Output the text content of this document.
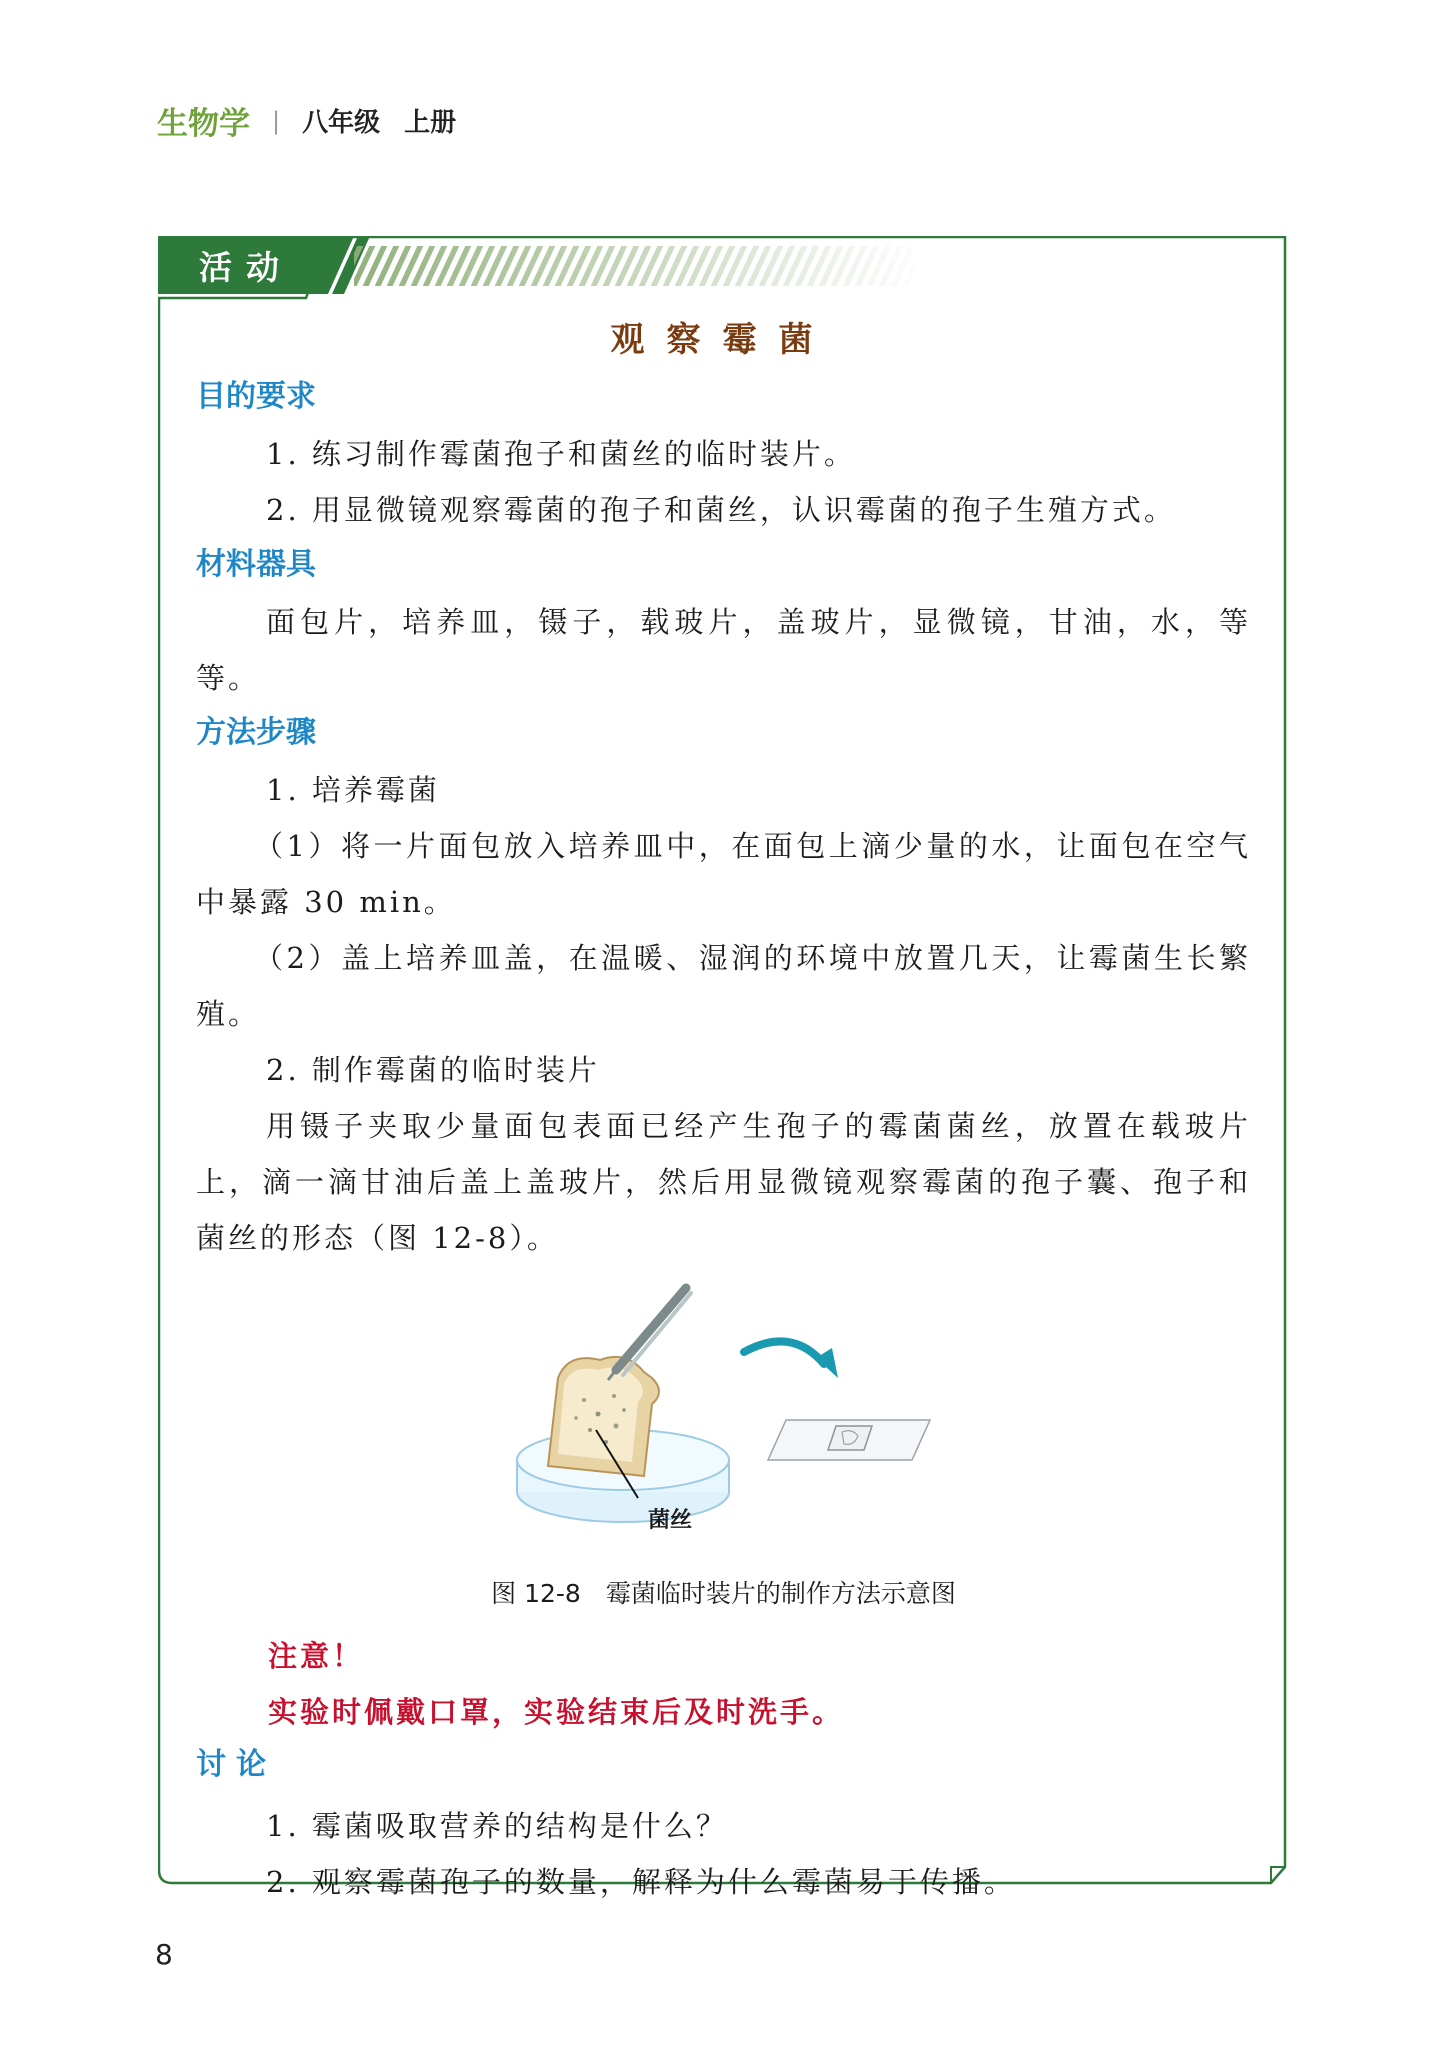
生物学 | 八年级 上册
活动
观察霉菌
目的要求

1. 练习制作霉菌孢子和菌丝的临时装片。

2. 用显微镜观察霉菌的孢子和菌丝，认识霉菌的孢子生殖方式。

材料器具

面包片，培养皿，镊子，载玻片，盖玻片，显微镜，甘油，水，等等。

方法步骤

1. 培养霉菌

（1）将一片面包放入培养皿中，在面包上滴少量的水，让面包在空气中暴露 30 min。

（2）盖上培养皿盖，在温暖、湿润的环境中放置几天，让霉菌生长繁殖。

2. 制作霉菌的临时装片

用镊子夹取少量面包表面已经产生孢子的霉菌菌丝，放置在载玻片上，滴一滴甘油后盖上盖玻片，然后用显微镜观察霉菌的孢子囊、孢子和菌丝的形态（图 12-8）。

菌丝
图 12-8　霉菌临时装片的制作方法示意图

注意！

实验时佩戴口罩，实验结束后及时洗手。

讨论

1. 霉菌吸取营养的结构是什么？

2. 观察霉菌孢子的数量，解释为什么霉菌易于传播。

8
